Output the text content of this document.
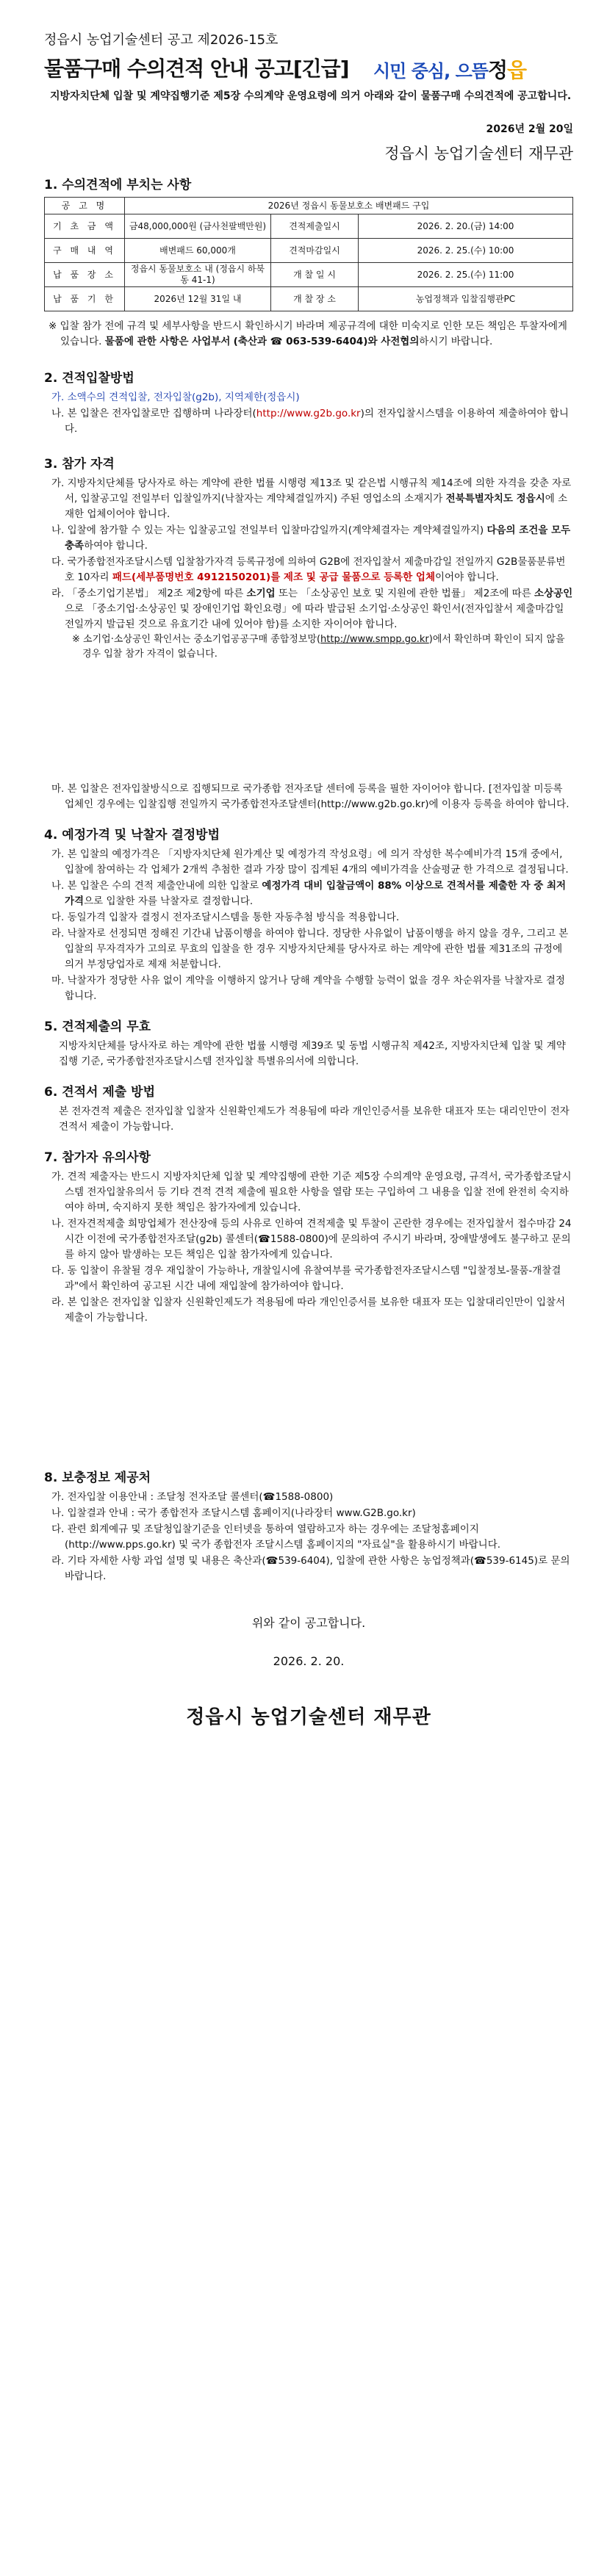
정읍시 농업기술센터 공고 제2026-15호
물품구매 수의견적 안내 공고[긴급] 시민 중심, 으뜸정읍
지방자치단체 입찰 및 계약집행기준 제5장 수의계약 운영요령에 의거 아래와 같이 물품구매 수의견적에 공고합니다.
2026년 2월 20일
정읍시 농업기술센터 재무관
1. 수의견적에 부치는 사항
공 고 명	2026년 정읍시 동물보호소 배변패드 구입		
기 초 금 액	금48,000,000원 (금사천팔백만원)	견적제출일시	2026. 2. 20.(금) 14:00
구 매 내 역	배변패드 60,000개	견적마감일시	2026. 2. 25.(수) 10:00
납 품 장 소	정읍시 동물보호소 내 (정읍시 하북동 41-1)	개 찰 일 시	2026. 2. 25.(수) 11:00
납 품 기 한	2026년 12월 31일 내	개 찰 장 소	농업정책과 입찰집행관PC
※ 입찰 참가 전에 규격 및 세부사항을 반드시 확인하시기 바라며 제공규격에 대한 미숙지로 인한 모든 책임은 투찰자에게 있습니다. 물품에 관한 사항은 사업부서 (축산과 ☎ 063-539-6404)와 사전협의하시기 바랍니다.
2. 견적입찰방법
가. 소액수의 견적입찰, 전자입찰(g2b), 지역제한(정읍시)
나. 본 입찰은 전자입찰로만 집행하며 나라장터(http://www.g2b.go.kr)의 전자입찰시스템을 이용하여 제출하여야 합니다.
3. 참가 자격
가. 지방자치단체를 당사자로 하는 계약에 관한 법률 시행령 제13조 및 같은법 시행규칙 제14조에 의한 자격을 갖춘 자로서, 입찰공고일 전일부터 입찰일까지(낙찰자는 계약체결일까지) 주된 영업소의 소재지가 전북특별자치도 정읍시에 소재한 업체이어야 합니다.
나. 입찰에 참가할 수 있는 자는 입찰공고일 전일부터 입찰마감일까지(계약체결자는 계약체결일까지) 다음의 조건을 모두 충족하여야 합니다.
다. 국가종합전자조달시스템 입찰참가자격 등록규정에 의하여 G2B에 전자입찰서 제출마감일 전일까지 G2B물품분류번호 10자리 패드(세부품명번호 4912150201)를 제조 및 공급 물품으로 등록한 업체이어야 합니다.
라. 「중소기업기본법」 제2조 제2항에 따른 소기업 또는 「소상공인 보호 및 지원에 관한 법률」 제2조에 따른 소상공인으로 「중소기업·소상공인 및 장애인기업 확인요령」에 따라 발급된 소기업·소상공인 확인서(전자입찰서 제출마감일 전일까지 발급된 것으로 유효기간 내에 있어야 함)를 소지한 자이어야 합니다.
※ 소기업·소상공인 확인서는 중소기업공공구매 종합정보망(http://www.smpp.go.kr)에서 확인하며 확인이 되지 않을 경우 입찰 참가 자격이 없습니다.
마. 본 입찰은 전자입찰방식으로 집행되므로 국가종합 전자조달 센터에 등록을 필한 자이어야 합니다. [전자입찰 미등록 업체인 경우에는 입찰집행 전일까지 국가종합전자조달센터(http://www.g2b.go.kr)에 이용자 등록을 하여야 합니다.
4. 예정가격 및 낙찰자 결정방법
가. 본 입찰의 예정가격은 「지방자치단체 원가계산 및 예정가격 작성요령」에 의거 작성한 복수예비가격 15개 중에서, 입찰에 참여하는 각 업체가 2개씩 추첨한 결과 가장 많이 집계된 4개의 예비가격을 산술평균 한 가격으로 결정됩니다.
나. 본 입찰은 수의 견적 제출안내에 의한 입찰로 예정가격 대비 입찰금액이 88% 이상으로 견적서를 제출한 자 중 최저가격으로 입찰한 자를 낙찰자로 결정합니다.
다. 동일가격 입찰자 결정시 전자조달시스템을 통한 자동추첨 방식을 적용합니다.
라. 낙찰자로 선정되면 정해진 기간내 납품이행을 하여야 합니다. 정당한 사유없이 납품이행을 하지 않을 경우, 그리고 본 입찰의 무자격자가 고의로 무효의 입찰을 한 경우 지방자치단체를 당사자로 하는 계약에 관한 법률 제31조의 규정에 의거 부정당업자로 제재 처분합니다.
마. 낙찰자가 정당한 사유 없이 계약을 이행하지 않거나 당해 계약을 수행할 능력이 없을 경우 차순위자를 낙찰자로 결정합니다.
5. 견적제출의 무효
지방자치단체를 당사자로 하는 계약에 관한 법률 시행령 제39조 및 동법 시행규칙 제42조, 지방자치단체 입찰 및 계약집행 기준, 국가종합전자조달시스템 전자입찰 특별유의서에 의합니다.
6. 견적서 제출 방법
본 전자견적 제출은 전자입찰 입찰자 신원확인제도가 적용됨에 따라 개인인증서를 보유한 대표자 또는 대리인만이 전자견적서 제출이 가능합니다.
7. 참가자 유의사항
가. 견적 제출자는 반드시 지방자치단체 입찰 및 계약집행에 관한 기준 제5장 수의계약 운영요령, 규격서, 국가종합조달시스템 전자입찰유의서 등 기타 견적 견적 제출에 필요한 사항을 열람 또는 구입하여 그 내용을 입찰 전에 완전히 숙지하여야 하며, 숙지하지 못한 책임은 참가자에게 있습니다.
나. 전자견적제출 희망업체가 전산장애 등의 사유로 인하여 견적제출 및 투찰이 곤란한 경우에는 전자입찰서 접수마감 24시간 이전에 국가종합전자조달(g2b) 콜센터(☎1588-0800)에 문의하여 주시기 바라며, 장애발생에도 불구하고 문의를 하지 않아 발생하는 모든 책임은 입찰 참가자에게 있습니다.
다. 동 입찰이 유찰될 경우 재입찰이 가능하나, 개찰일시에 유찰여부를 국가종합전자조달시스템 "입찰정보-물품-개찰결과"에서 확인하여 공고된 시간 내에 재입찰에 참가하여야 합니다.
라. 본 입찰은 전자입찰 입찰자 신원확인제도가 적용됨에 따라 개인인증서를 보유한 대표자 또는 입찰대리인만이 입찰서 제출이 가능합니다.
8. 보충정보 제공처
가. 전자입찰 이용안내 : 조달청 전자조달 콜센터(☎1588-0800)
나. 입찰결과 안내 : 국가 종합전자 조달시스템 홈페이지(나라장터 www.G2B.go.kr)
다. 관련 회계예규 및 조달청입찰기준을 인터넷을 통하여 열람하고자 하는 경우에는 조달청홈페이지(http://www.pps.go.kr) 및 국가 종합전자 조달시스템 홈페이지의 "자료실"을 활용하시기 바랍니다.
라. 기타 자세한 사항 과업 설명 및 내용은 축산과(☎539-6404), 입찰에 관한 사항은 농업정책과(☎539-6145)로 문의 바랍니다.
위와 같이 공고합니다.
2026. 2. 20.
정읍시 농업기술센터 재무관
